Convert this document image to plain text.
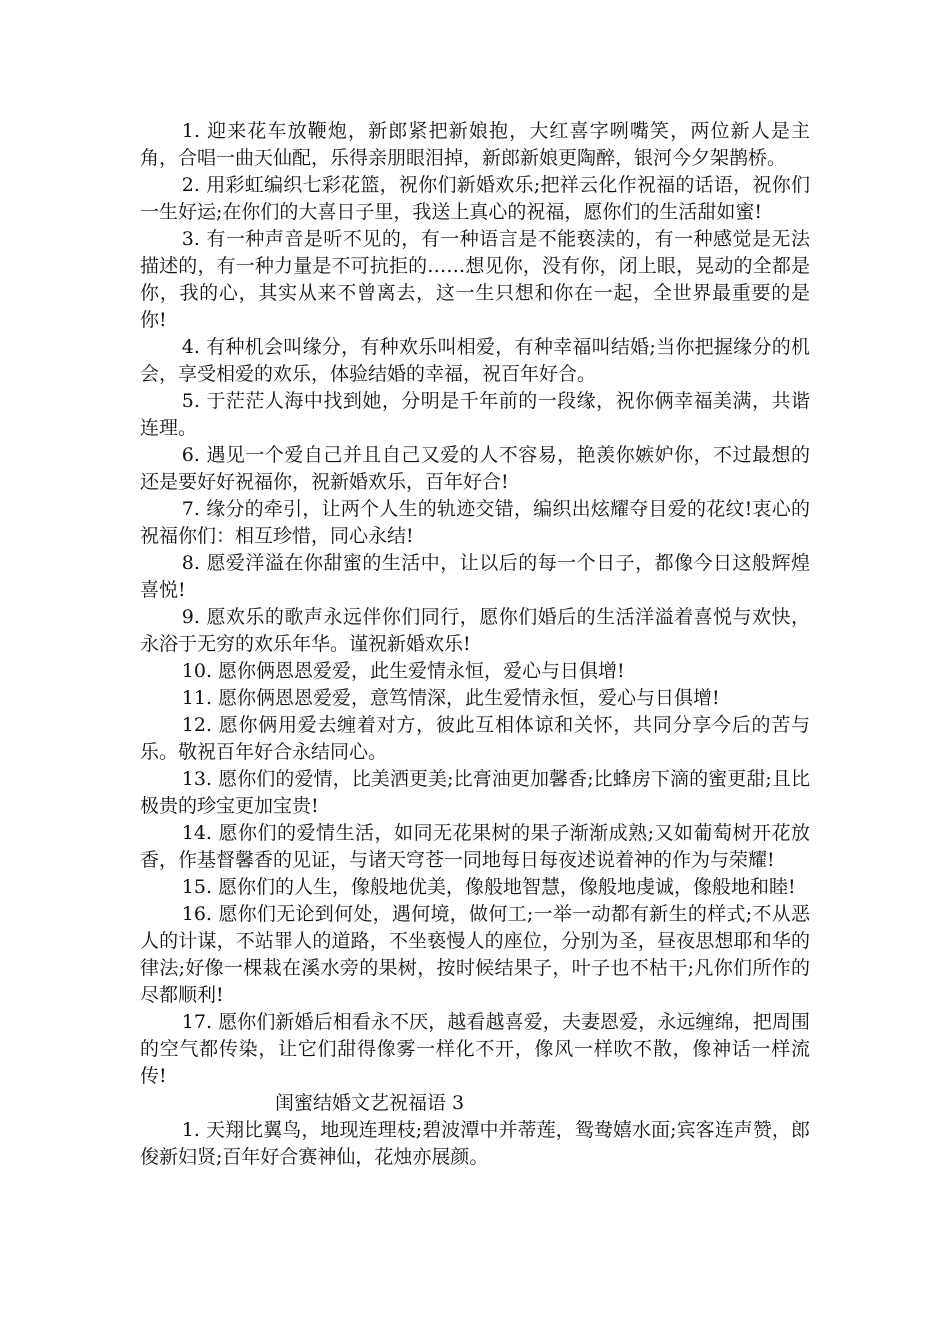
1. 迎来花车放鞭炮，新郎紧把新娘抱，大红喜字咧嘴笑，两位新人是主角，合唱一曲天仙配，乐得亲朋眼泪掉，新郎新娘更陶醉，银河今夕架鹊桥。

2. 用彩虹编织七彩花篮，祝你们新婚欢乐;把祥云化作祝福的话语，祝你们一生好运;在你们的大喜日子里，我送上真心的祝福，愿你们的生活甜如蜜!

3. 有一种声音是听不见的，有一种语言是不能亵渎的，有一种感觉是无法描述的，有一种力量是不可抗拒的……想见你，没有你，闭上眼，晃动的全都是你，我的心，其实从来不曾离去，这一生只想和你在一起，全世界最重要的是你!

4. 有种机会叫缘分，有种欢乐叫相爱，有种幸福叫结婚;当你把握缘分的机会，享受相爱的欢乐，体验结婚的幸福，祝百年好合。

5. 于茫茫人海中找到她，分明是千年前的一段缘，祝你俩幸福美满，共谐连理。

6. 遇见一个爱自己并且自己又爱的人不容易，艳羡你嫉妒你，不过最想的还是要好好祝福你，祝新婚欢乐，百年好合!

7. 缘分的牵引，让两个人生的轨迹交错，编织出炫耀夺目爱的花纹!衷心的祝福你们：相互珍惜，同心永结!

8. 愿爱洋溢在你甜蜜的生活中，让以后的每一个日子，都像今日这般辉煌喜悦!

9. 愿欢乐的歌声永远伴你们同行，愿你们婚后的生活洋溢着喜悦与欢快，永浴于无穷的欢乐年华。谨祝新婚欢乐!

10. 愿你俩恩恩爱爱，此生爱情永恒，爱心与日俱增!

11. 愿你俩恩恩爱爱，意笃情深，此生爱情永恒，爱心与日俱增!

12. 愿你俩用爱去缠着对方，彼此互相体谅和关怀，共同分享今后的苦与乐。敬祝百年好合永结同心。

13. 愿你们的爱情，比美洒更美;比膏油更加馨香;比蜂房下滴的蜜更甜;且比极贵的珍宝更加宝贵!

14. 愿你们的爱情生活，如同无花果树的果子渐渐成熟;又如葡萄树开花放香，作基督馨香的见证，与诸天穹苍一同地每日每夜述说着神的作为与荣耀!

15. 愿你们的人生，像般地优美，像般地智慧，像般地虔诚，像般地和睦!

16. 愿你们无论到何处，遇何境，做何工;一举一动都有新生的样式;不从恶人的计谋，不站罪人的道路，不坐亵慢人的座位，分别为圣，昼夜思想耶和华的律法;好像一棵栽在溪水旁的果树，按时候结果子，叶子也不枯干;凡你们所作的尽都顺利!

17. 愿你们新婚后相看永不厌，越看越喜爱，夫妻恩爱，永远缠绵，把周围的空气都传染，让它们甜得像雾一样化不开，像风一样吹不散，像神话一样流传!

闺蜜结婚文艺祝福语 3

1. 天翔比翼鸟，地现连理枝;碧波潭中并蒂莲，鸳鸯嬉水面;宾客连声赞，郎俊新妇贤;百年好合赛神仙，花烛亦展颜。
